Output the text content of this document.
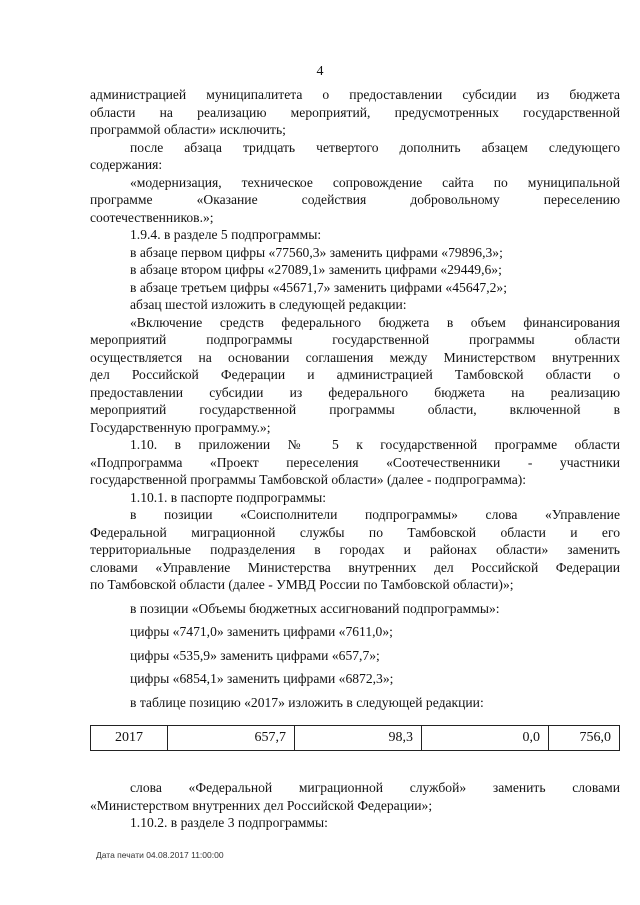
4

администрацией муниципалитета о предоставлении субсидии из бюджета

области на реализацию мероприятий, предусмотренных государственной

программой области» исключить;

после абзаца тридцать четвертого дополнить абзацем следующего

содержания:

«модернизация, техническое сопровождение сайта по муниципальной

программе «Оказание содействия добровольному переселению

соотечественников.»;

1.9.4. в разделе 5 подпрограммы:

в абзаце первом цифры «77560,3» заменить цифрами «79896,3»;

в абзаце втором цифры «27089,1» заменить цифрами «29449,6»;

в абзаце третьем цифры «45671,7» заменить цифрами «45647,2»;

абзац шестой изложить в следующей редакции:

«Включение средств федерального бюджета в объем финансирования

мероприятий подпрограммы государственной программы области

осуществляется на основании соглашения между Министерством внутренних

дел Российской Федерации и администрацией Тамбовской области о

предоставлении субсидии из федерального бюджета на реализацию

мероприятий государственной программы области, включенной в

Государственную программу.»;

1.10. в приложении № 5 к государственной программе области

«Подпрограмма «Проект переселения «Соотечественники - участники

государственной программы Тамбовской области» (далее - подпрограмма):

1.10.1. в паспорте подпрограммы:

в позиции «Соисполнители подпрограммы» слова «Управление

Федеральной миграционной службы по Тамбовской области и его

территориальные подразделения в городах и районах области» заменить

словами «Управление Министерства внутренних дел Российской Федерации

по Тамбовской области (далее - УМВД России по Тамбовской области)»;

в позиции «Объемы бюджетных ассигнований подпрограммы»:

цифры «7471,0» заменить цифрами «7611,0»;

цифры «535,9» заменить цифрами «657,7»;

цифры «6854,1» заменить цифрами «6872,3»;

в таблице позицию «2017» изложить в следующей редакции:

2017	657,7	98,3	0,0	756,0

слова «Федеральной миграционной службой» заменить словами

«Министерством внутренних дел Российской Федерации»;

1.10.2. в разделе 3 подпрограммы:

Дата печати 04.08.2017 11:00:00
